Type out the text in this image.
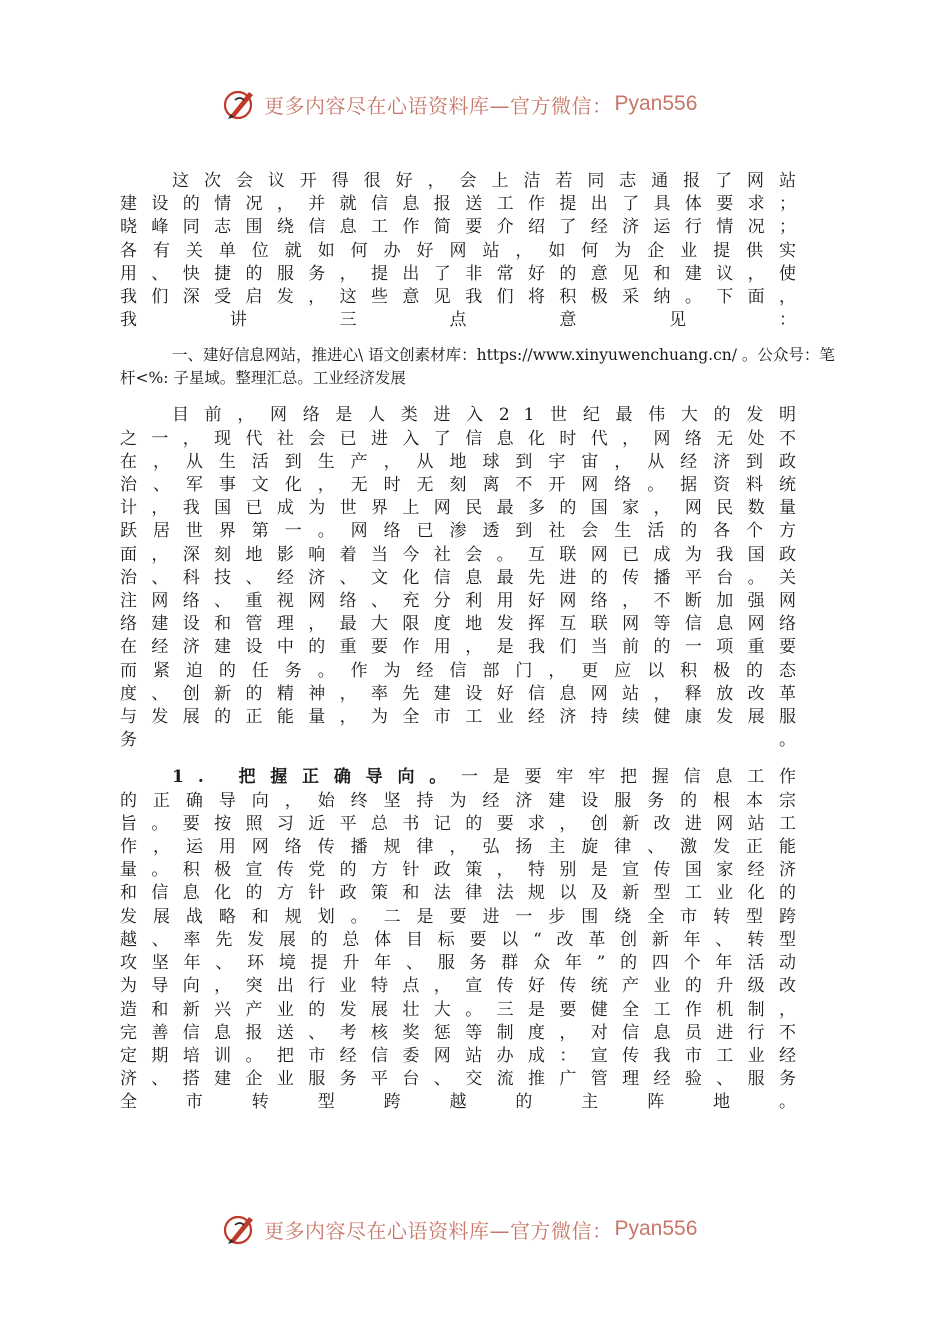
更多内容尽在心语资料库—官方微信： Pyan556

这次会议开得很好，会上洁若同志通报了网站建设的情况，并就信息报送工作提出了具体要求；晓峰同志围绕信息工作简要介绍了经济运行情况；各有关单位就如何办好网站，如何为企业提供实用、快捷的服务，提出了非常好的意见和建议，使我们深受启发，这些意见我们将积极采纳。下面，我讲三点意见：

一、建好信息网站，推进心\ 语文创素材库：https://www.xinyuwenchuang.cn/ 。公众号：笔杆<%: 子星域。整理汇总。工业经济发展

目前，网络是人类进入21世纪最伟大的发明之一，现代社会已进入了信息化时代，网络无处不在，从生活到生产，从地球到宇宙，从经济到政治、军事文化，无时无刻离不开网络。据资料统计，我国已成为世界上网民最多的国家，网民数量跃居世界第一。网络已渗透到社会生活的各个方面，深刻地影响着当今社会。互联网已成为我国政治、科技、经济、文化信息最先进的传播平台。关注网络、重视网络、充分利用好网络，不断加强网络建设和管理，最大限度地发挥互联网等信息网络在经济建设中的重要作用，是我们当前的一项重要而紧迫的任务。作为经信部门，更应以积极的态度、创新的精神，率先建设好信息网站，释放改革与发展的正能量，为全市工业经济持续健康发展服务。

1. 把握正确导向。一是要牢牢把握信息工作的正确导向，始终坚持为经济建设服务的根本宗旨。要按照习近平总书记的要求，创新改进网站工作，运用网络传播规律，弘扬主旋律、激发正能量。积极宣传党的方针政策，特别是宣传国家经济和信息化的方针政策和法律法规以及新型工业化的发展战略和规划。二是要进一步围绕全市转型跨越、率先发展的总体目标要以“改革创新年、转型攻坚年、环境提升年、服务群众年”的四个年活动为导向，突出行业特点，宣传好传统产业的升级改造和新兴产业的发展壮大。三是要健全工作机制，完善信息报送、考核奖惩等制度，对信息员进行不定期培训。把市经信委网站办成：宣传我市工业经济、搭建企业服务平台、交流推广管理经验、服务全市转型跨越的主阵地。

更多内容尽在心语资料库—官方微信： Pyan556
